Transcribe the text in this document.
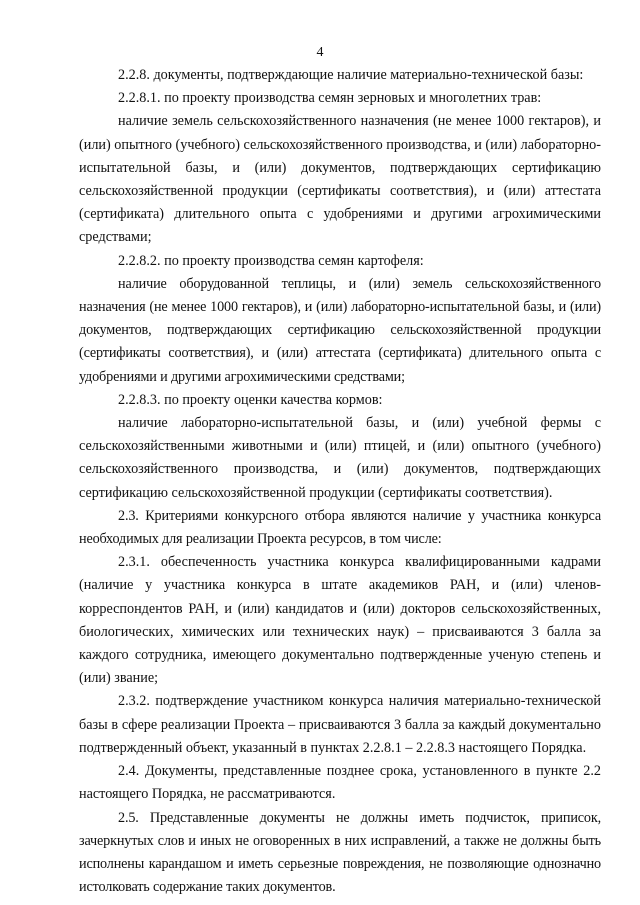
4

2.2.8. документы, подтверждающие наличие материально-технической базы:

2.2.8.1. по проекту производства семян зерновых и многолетних трав:

наличие земель сельскохозяйственного назначения (не менее 1000 гектаров), и (или) опытного (учебного) сельскохозяйственного производства, и (или) лабораторно-испытательной базы, и (или) документов, подтверждающих сертификацию сельскохозяйственной продукции (сертификаты соответствия), и (или) аттестата (сертификата) длительного опыта с удобрениями и другими агрохимическими средствами;

2.2.8.2. по проекту производства семян картофеля:

наличие оборудованной теплицы, и (или) земель сельскохозяйственного назначения (не менее 1000 гектаров), и (или) лабораторно-испытательной базы, и (или) документов, подтверждающих сертификацию сельскохозяйственной продукции (сертификаты соответствия), и (или) аттестата (сертификата) длительного опыта с удобрениями и другими агрохимическими средствами;

2.2.8.3. по проекту оценки качества кормов:

наличие лабораторно-испытательной базы, и (или) учебной фермы с сельскохозяйственными животными и (или) птицей, и (или) опытного (учебного) сельскохозяйственного производства, и (или) документов, подтверждающих сертификацию сельскохозяйственной продукции (сертификаты соответствия).

2.3. Критериями конкурсного отбора являются наличие у участника конкурса необходимых для реализации Проекта ресурсов, в том числе:

2.3.1. обеспеченность участника конкурса квалифицированными кадрами (наличие у участника конкурса в штате академиков РАН, и (или) членов-корреспондентов РАН, и (или) кандидатов и (или) докторов сельскохозяйственных, биологических, химических или технических наук) – присваиваются 3 балла за каждого сотрудника, имеющего документально подтвержденные ученую степень и (или) звание;

2.3.2. подтверждение участником конкурса наличия материально-технической базы в сфере реализации Проекта – присваиваются 3 балла за каждый документально подтвержденный объект, указанный в пунктах 2.2.8.1 – 2.2.8.3 настоящего Порядка.

2.4. Документы, представленные позднее срока, установленного в пункте 2.2 настоящего Порядка, не рассматриваются.

2.5. Представленные документы не должны иметь подчисток, приписок, зачеркнутых слов и иных не оговоренных в них исправлений, а также не должны быть исполнены карандашом и иметь серьезные повреждения, не позволяющие однозначно истолковать содержание таких документов.
